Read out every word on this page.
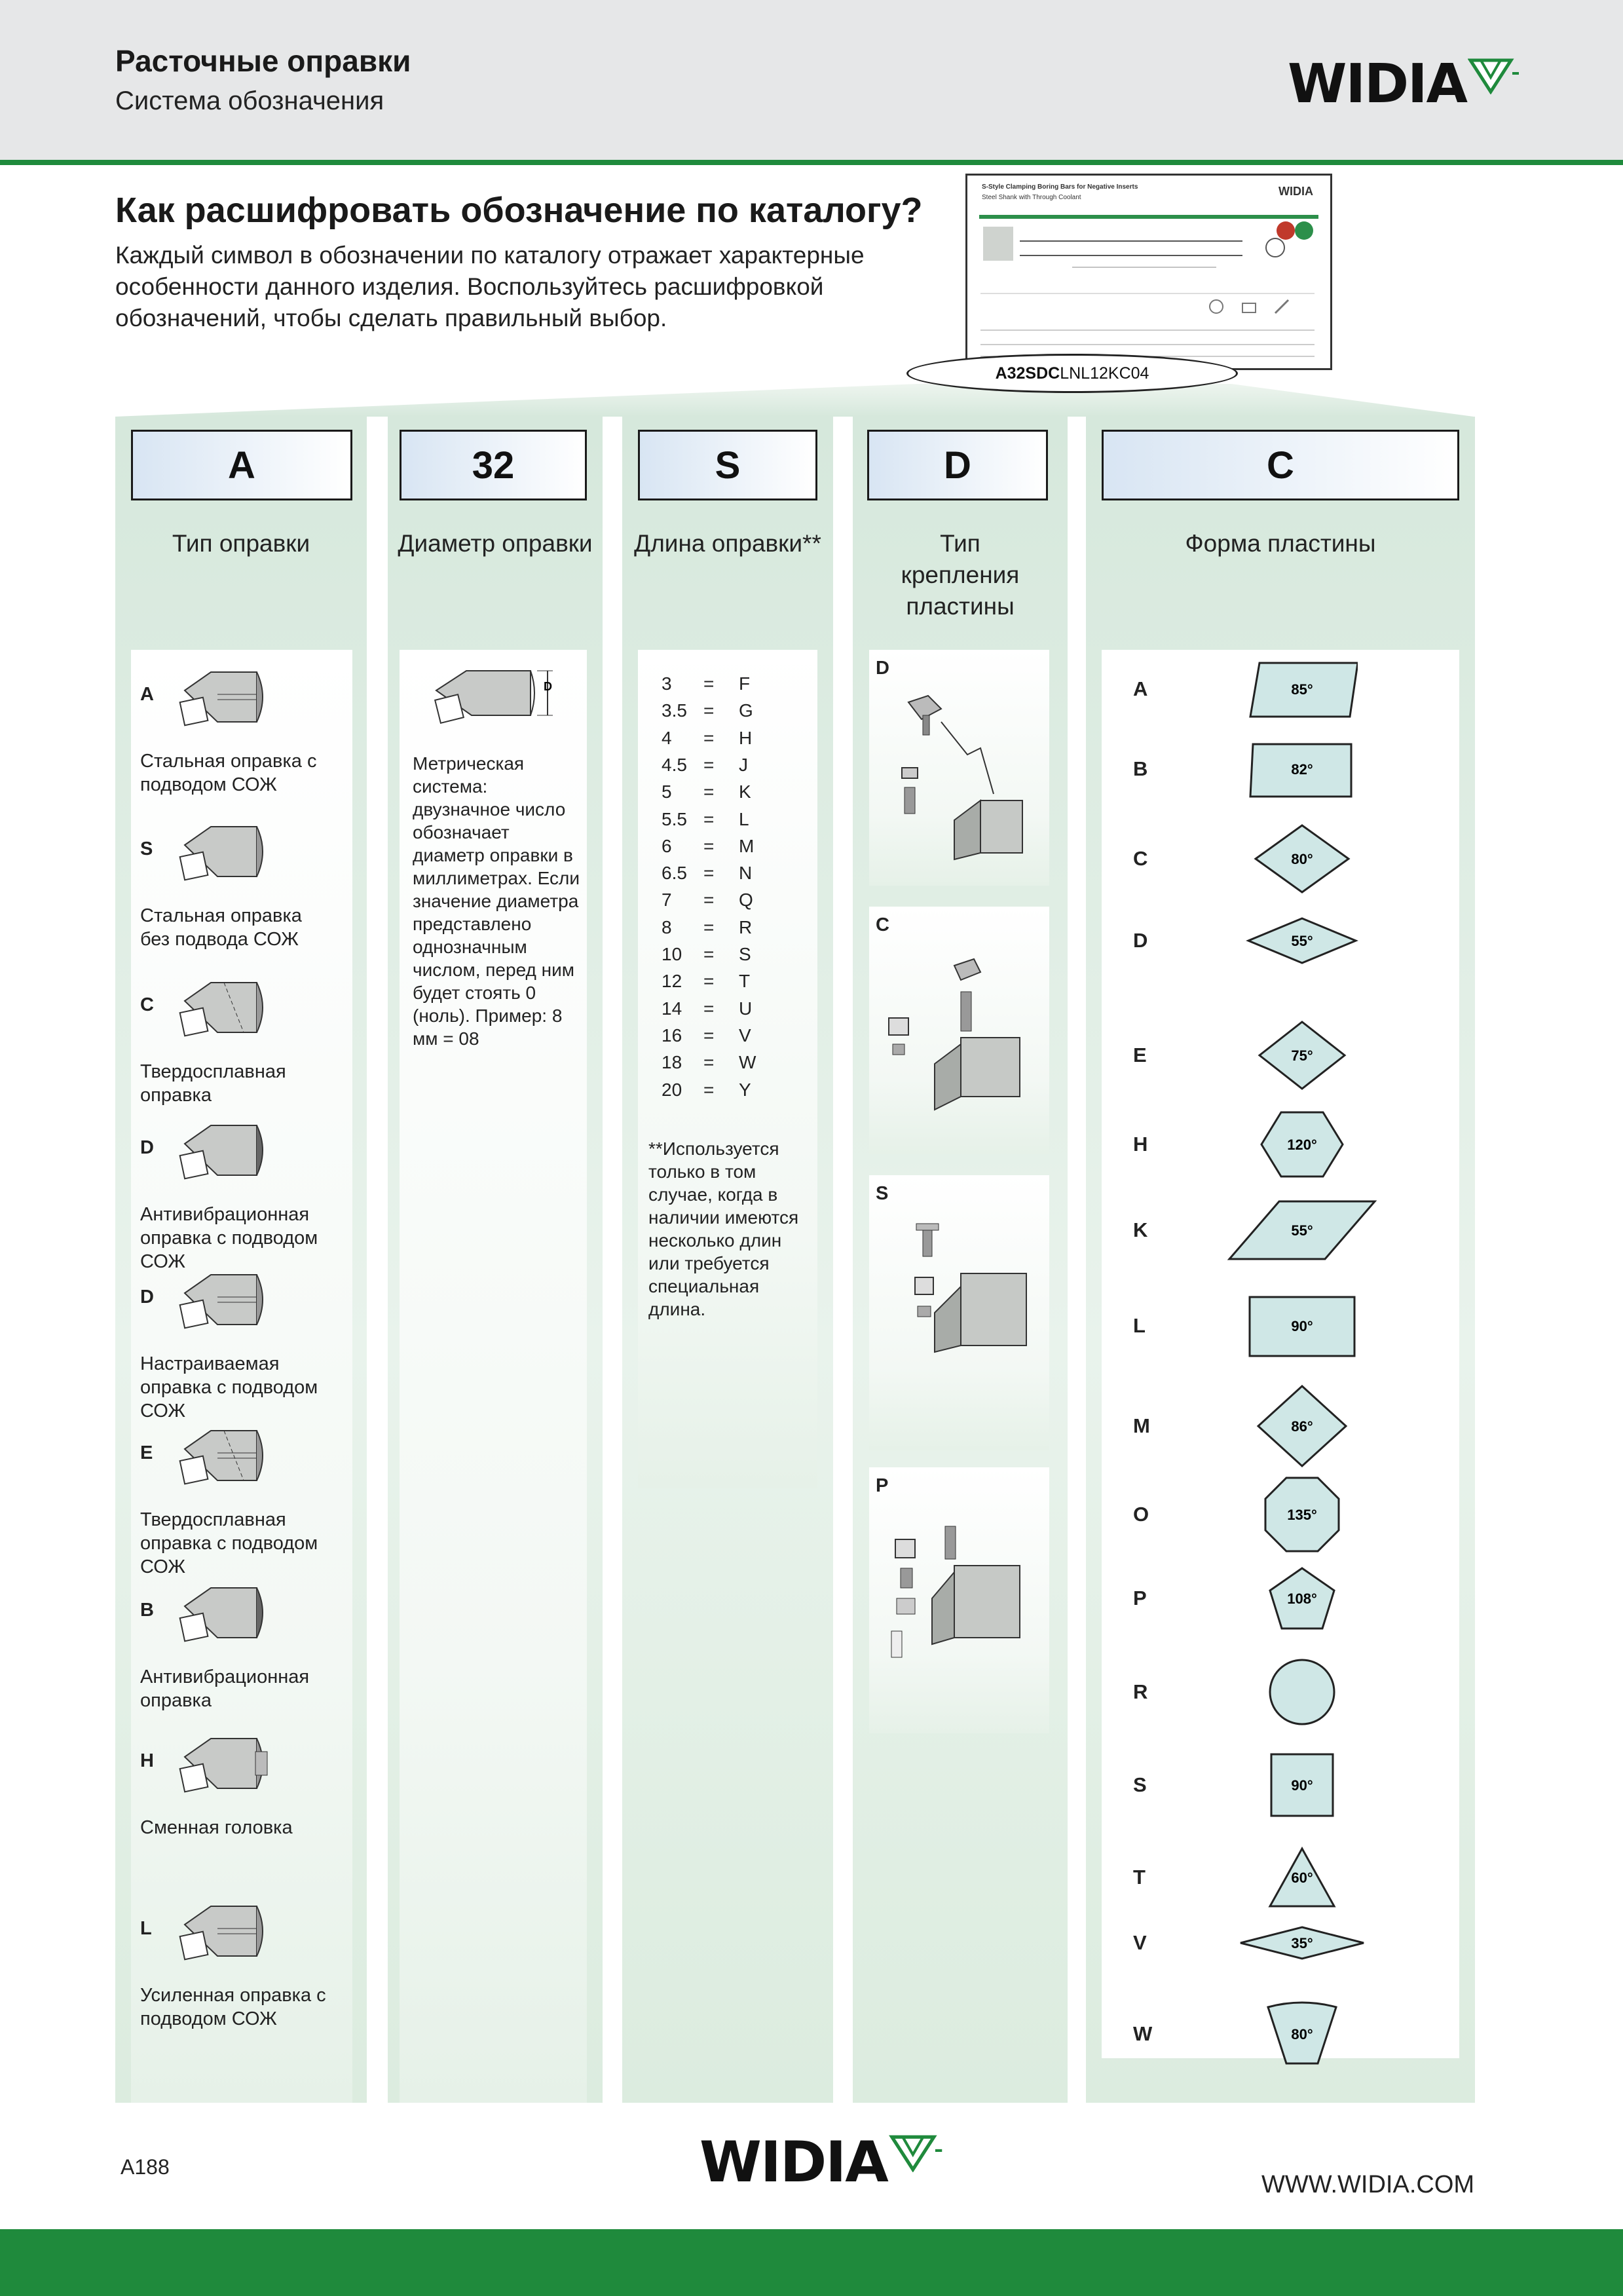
Расточные оправки
Система обозначения	WIDIA
Как расшифровать обозначение по каталогу?
Каждый символ в обозначении по каталогу отражает характерные особенности данного изделия. Воспользуйтесь расшифровкой обозначений, чтобы сделать правильный выбор.
S-Style Clamping Boring Bars for Negative Inserts
Steel Shank with Through Coolant	WIDIA
A32SDC LNL12KC04
A	32	S	D	C
Тип оправки	Диаметр оправки	Длина оправки**	Тип
крепления пластины
Форма пластины
A
Стальная оправка с подводом СОЖ
S
Стальная оправка без подвода СОЖ
C
Твердосплавная оправка
D
Антивибрационная оправка с подводом СОЖ
D
Настраиваемая оправка с подводом СОЖ
E
Твердосплавная оправка с подводом СОЖ
B
Антивибрационная оправка
H
Сменная головка
L
Усиленная оправка с подводом СОЖ
D
Метрическая система: двузначное число обозначает диаметр оправки в миллиметрах. Если значение диаметра представлено однозначным числом, перед ним будет стоять 0 (ноль). Пример: 8 мм = 08
3	=	F
3.5 =	G
4	=	H
4.5 =	J
5	=	K
5.5 =	L
6	=	M
6.5 =	N
7	=	Q
8	=	R
10	=	S
12	=	T
14	=	U
16	=	V
18	=	W
20	=	Y
**Используется только в том случае, когда в наличии имеются несколько длин или требуется специальная длина.
D
C
S
P
A	85°
B	82°
C	80°
D	55°
E	75°
H	120°
K	55°
L	90°
M	86°
O	135°
P	108°
R
S	90°
T	60°
V	35°
W	80°
A188	WIDIA	WWW.WIDIA.COM
